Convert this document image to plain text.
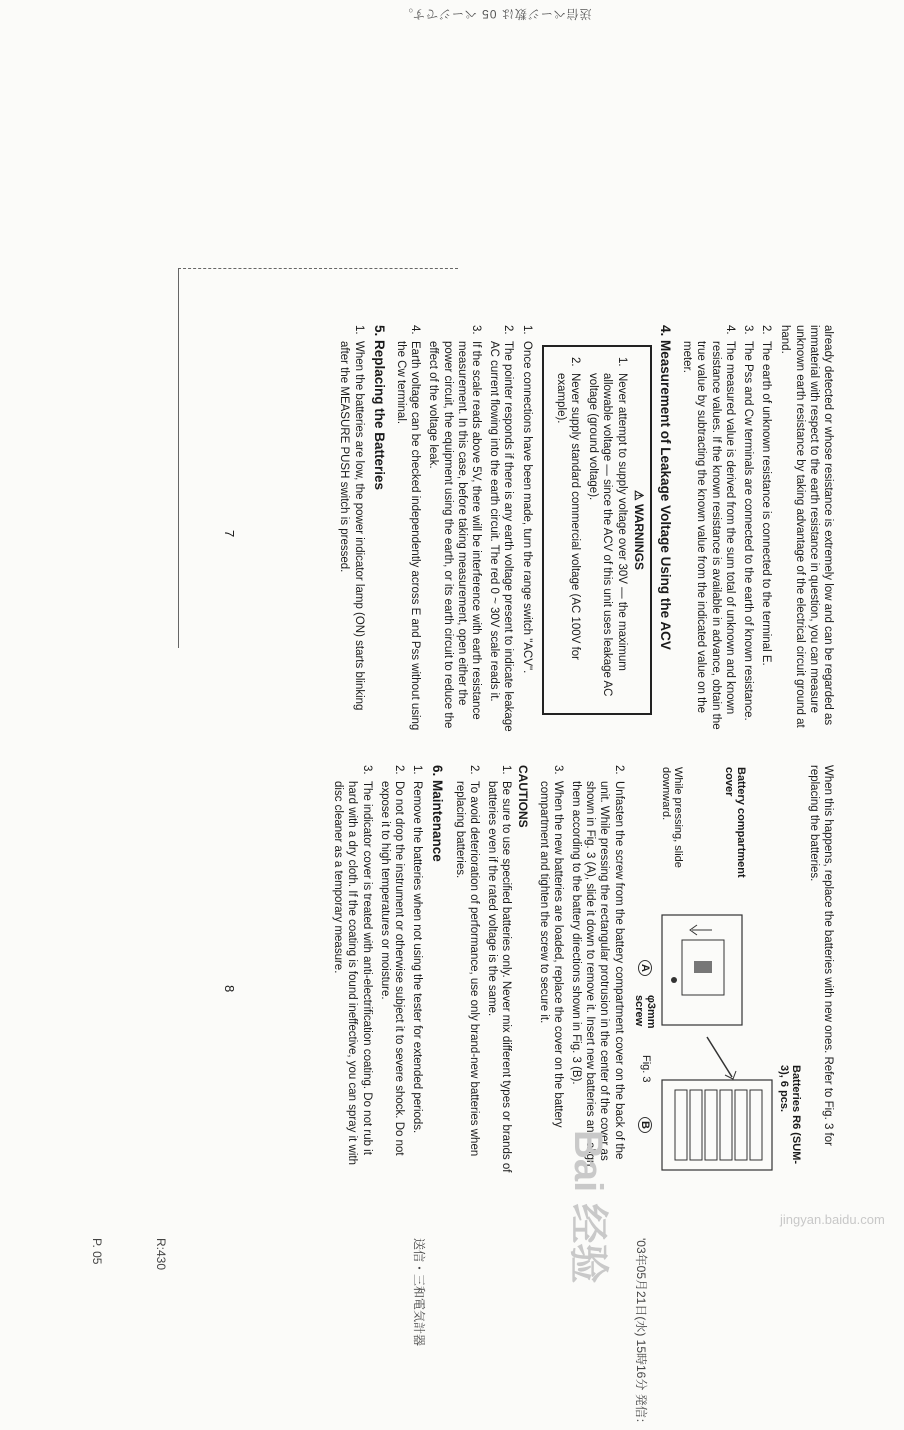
送信ページ数は 05 ページです。
'03年05月21日(水) 15時16分 発信：
送信・三和電気計器
R:430
P. 05

already detected or whose resistance is extremely low and can be regarded as immaterial with respect to the earth resistance in question, you can measure unknown earth resistance by taking advantage of the electrical circuit ground at hand.

2.
The earth of unknown resistance is connected to the terminal E.
3.
The Pss and Cw terminals are connected to the earth of known resistance.
4.
The measured value is derived from the sum total of unknown and known resistance values. If the known resistance is available in advance, obtain the true value by subtracting the known value from the indicated value on the meter.
4. Measurement of Leakage Voltage Using the ACV
⚠ WARNINGS
1.
Never attempt to supply voltage over 30V — the maximum allowable voltage — since the ACV of this unit uses leakage AC voltage (ground voltage).
2.
Never supply standard commercial voltage (AC 100V for example).
1.
Once connections have been made, turn the range switch "ACV".
2.
The pointer responds if there is any earth voltage present to indicate leakage AC current flowing into the earth circuit. The red 0 ~ 30V scale reads it.
3.
If the scale reads above 5V, there will be interference with earth resistance measurement. In this case, before taking measurement, open either the power circuit, the equipment using the earth, or its earth circuit to reduce the effect of the voltage leak.
4.
Earth voltage can be checked independently across E and Pss without using the Cw terminal.
5. Replacing the Batteries
1.
When the batteries are low, the power indicator lamp (ON) starts blinking after the MEASURE PUSH switch is pressed.
7

When this happens, replace the batteries with new ones. Refer to Fig. 3 for replacing the batteries.

Battery compartment cover
Batteries R6 (SUM-3), 6 pcs.
While pressing, slide downward.
φ3mm screw
A
B
Fig. 3
2.
Unfasten the screw from the battery compartment cover on the back of the unit. While pressing the rectangular protrusion in the center of the cover as shown in Fig. 3 (A), slide it down to remove it. Insert new batteries and align them according to the battery directions shown in Fig. 3 (B).
3.
When the new batteries are loaded, replace the cover on the battery compartment and tighten the screw to secure it.
CAUTIONS
1.
Be sure to use specified batteries only. Never mix different types or brands of batteries even if the rated voltage is the same.
2.
To avoid deterioration of performance, use only brand-new batteries when replacing batteries.
6. Maintenance
1.
Remove the batteries when not using the tester for extended periods.
2.
Do not drop the instrument or otherwise subject it to severe shock. Do not expose it to high temperatures or moisture.
3.
The indicator cover is treated with anti-electrification coating. Do not rub it hard with a dry cloth. If the coating is found ineffective, you can spray it with disc cleaner as a temporary measure.
8
Bai 经验	jingyan.baidu.com
